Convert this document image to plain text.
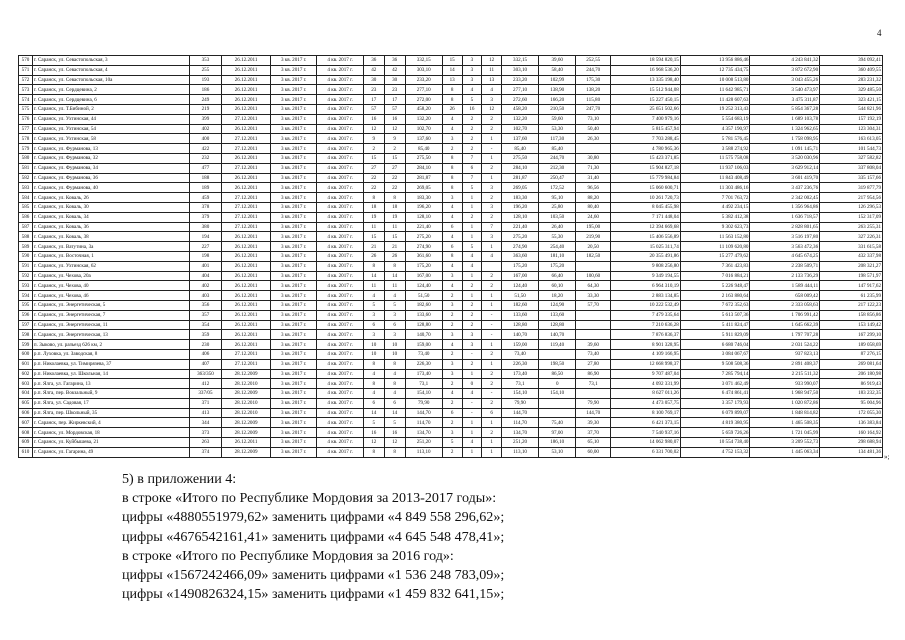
4
570	г. Саранск, ул. Севастопольская, 3	353	26.12.2011	3 кв. 2017 г.	4 кв. 2017 г.	36	36	332,15	15	3	12	332,15	39,60	252,55	18 594 820,15	13 956 886,46	4 243 841,32	394 092,41
571	г. Саранск, ул. Севастопольская, 4	255	26.12.2011	3 кв. 2017 г.	4 кв. 2017 г.	42	42	303,10	14	3	11	303,10	58,40	244,70	16 968 536,20	12 735 434,75	3 872 672,90	360 409,55
572	г. Саранск, ул. Севастопольская, 10а	193	26.12.2011	3 кв. 2017 г.	4 кв. 2017 г.	30	30	233,20	13	3	13	233,20	102,99	175,30	13 335 198,40	10 008 513,80	3 043 455,26	283 231,32
573	г. Саранск, ул. Сердцевина, 2	186	26.12.2011	3 кв. 2017 г.	4 кв. 2017 г.	23	23	277,10	8	4	4	277,10	138,90	138,20	15 512 944,08	11 642 985,71	3 540 473,97	329 485,50
574	г. Саранск, ул. Сердцевина, 6	249	26.12.2011	3 кв. 2017 г.	4 кв. 2017 г.	17	17	272,00	8	5	3	272,60	166,20	115,80	15 227 450,15	11 428 607,63	3 475 311,87	323 421,15
575	г. Саранск, ул. Т.Бибиной, 2	219	26.12.2011	3 кв. 2017 г.	4 кв. 2017 г.	57	57	458,20	26	16	12	458,20	210,50	247,70	25 651 502,66	19 252 313,43	5 854 367,28	544 821,96
576	г. Саранск, ул. Ухтинская, 44	399	27.12.2011	3 кв. 2017 г.	4 кв. 2017 г.	16	16	132,20	4	2	2	132,20	59,60	73,10	7 400 979,16	5 554 683,19	1 689 103,78	157 192,19
577	г. Саранск, ул. Ухтинская, 54	402	26.12.2011	3 кв. 2017 г.	4 кв. 2017 г.	12	12	102,70	4	2	2	102,70	53,30	50,40	5 815 457,94	4 357 190,97	1 324 962,65	123 304,31
578	г. Саранск, ул. Ухтинская, 58	400	27.12.2011	3 кв. 2017 г.	4 кв. 2017 г.	9	9	137,60	3	2	1	137,60	117,30	26,30	7 703 288,45	5 781 576,45	1 758 098,95	163 613,05
579	г. Саранск, ул. Фурманова, 13	422	27.12.2011	3 кв. 2017 г.	4 кв. 2017 г.	2	2	85,40	2	2	-	85,40	85,40		4 780 965,36	3 588 274,92	1 091 145,71	101 544,73
580	г. Саранск, ул. Фурманова, 32	232	26.12.2011	3 кв. 2017 г.	4 кв. 2017 г.	15	15	275,50	8	7	1	275,50	244,70	30,80	15 423 371,85	11 575 758,08	3 520 030,96	327 582,82
581	г. Саранск, ул. Фурманова, 34	477	27.12.2011	3 кв. 2017 г.	4 кв. 2017 г.	27	27	284,10	8	6	2	284,10	212,30	71,30	15 904 827,18	11 937 106,03	3 629 912,14	337 808,04
582	г. Саранск, ул. Фурманова, 36	188	26.12.2011	3 кв. 2017 г.	4 кв. 2017 г.	22	22	281,87	8	7	1	281,87	250,47	31,40	15 779 984,84	11 843 408,49	3 601 419,70	335 157,66
583	г. Саранск, ул. Фурманова, 40	189	26.12.2011	3 кв. 2017 г.	4 кв. 2017 г.	22	22	269,05	8	5	3	269,05	172,52	96,56	15 060 600,71	11 303 486,16	3 437 236,76	319 877,79
584	г. Саранск, ул. Коваль, 26	459	27.12.2011	3 кв. 2017 г.	4 кв. 2017 г.	8	8	183,30	3	1	2	183,30	95,10	88,20	10 261 720,73	7 701 763,72	2 342 002,45	217 954,56
585	г. Саранск, ул. Коваль, 30	378	27.12.2011	3 кв. 2017 г.	4 кв. 2017 г.	18	18	196,20	4	1	3	196,20	25,80	80,40	8 045 455,98	4 492 234,15	1 356 964,86	126 296,53
586	г. Саранск, ул. Коваль, 34	379	27.12.2011	3 кв. 2017 г.	4 кв. 2017 г.	19	19	128,10	4	2	2	128,10	103,50	24,60	7 171 448,04	5 382 412,38	1 636 718,57	152 317,09
587	г. Саранск, ул. Коваль, 36	380	27.12.2011	3 кв. 2017 г.	4 кв. 2017 г.	11	11	221,40	6	1	7	221,40	26,40	195,00	12 394 669,68	9 302 623,73	2 828 801,65	263 255,31
588	г. Саранск, ул. Коваль, 38	194	26.12.2011	3 кв. 2017 г.	4 кв. 2017 г.	15	15	275,20	4	1	3	275,20	55,30	219,90	15 406 556,89	11 563 152,80	3 516 197,80	327 226,31
589	г. Саранск, ул. Ватутина, 3а	227	26.12.2011	3 кв. 2017 г.	4 кв. 2017 г.	21	21	274,90	6	5	1	274,90	254,40	20,50	15 025 311,74	11 109 620,80	3 563 472,36	331 615,58
590	г. Саранск, ул. Восточная, 1	198	26.12.2011	3 кв. 2017 г.	4 кв. 2017 г.	26	26	361,60	8	4	4	363,60	181,10	182,50	20 355 491,86	15 277 479,62	4 645 674,25	432 337,98
591	г. Саранск, ул. Ухтинская, 62	401	26.12.2011	3 кв. 2017 г.	4 кв. 2017 г.	8	8	175,20	4	4		175,20	175,20		9 808 256,80	7 361 423,83	2 238 509,71	208 321,27
592	г. Саранск, ул. Чехова, 20а	404	26.12.2011	3 кв. 2017 г.	4 кв. 2017 г.	14	14	167,00	3	1	2	167,00	66,40	100,60	9 349 194,55	7 016 884,21	2 133 736,29	198 571,97
593	г. Саранск, ул. Чехова, 40	402	26.12.2011	3 кв. 2017 г.	4 кв. 2017 г.	11	11	124,40	4	2	2	124,40	60,10	64,30	6 964 310,19	5 226 948,47	1 589 444,11	147 917,62
594	г. Саранск, ул. Чехова, 46	403	26.12.2011	3 кв. 2017 г.	4 кв. 2017 г.	4	4	51,50	2	1	1	51,50	18,20	33,30	2 883 134,85	2 163 880,64	658 009,42	61 235,99
595	г. Саранск, ул. Энергетическая, 5	356	26.12.2011	3 кв. 2017 г.	4 кв. 2017 г.	5	5	182,60	3	2	1	182,60	124,90	57,70	10 222 532,49	7 672 352,63	2 333 058,63	217 122,23
596	г. Саранск, ул. Энергетическая, 7	357	26.12.2011	3 кв. 2017 г.	4 кв. 2017 г.	3	3	133,60	2	2	-	133,60	133,60		7 479 335,64	5 613 507,36	1 706 991,42	158 856,86
597	г. Саранск, ул. Энергетическая, 11	354	26.12.2011	3 кв. 2017 г.	4 кв. 2017 г.	6	6	128,80	2	2	-	128,80	128,80		7 210 636,28	5 411 824,47	1 645 662,39	153 149,42
598	г. Саранск, ул. Энергетическая, 13	359	26.12.2011	3 кв. 2017 г.	4 кв. 2017 г.	3	3	140,70	3	3	-	140,70	140,70		7 876 836,37	5 911 829,09	1 797 707,28	167 299,10
599	п. Зыково, ул. разъезд 626 км, 2	230	26.12.2011	3 кв. 2017 г.	4 кв. 2017 г.	10	10	159,00	4	3	1	159,00	119,40	39,60	8 901 328,95	6 680 746,04	2 031 524,22	189 058,69
600	р.п. Луховка, ул. Заводская, 8	406	27.12.2011	3 кв. 2017 г.	4 кв. 2017 г.	10	10	73,40	2	-	2	73,40		73,40	4 109 166,95	3 084 067,67	937 823,13	87 276,15
601	р.п. Николаевка, ул. Тимирязева, 37	407	27.12.2011	3 кв. 2017 г.	4 кв. 2017 г.	8	8	226,30	3	2	1	226,30	198,50	27,80	12 668 998,37	9 508 508,36	2 891 408,37	269 081,64
602	р.п. Николаевка, ул. Школьная, 14	363/350	28.12.2009	3 кв. 2017 г.	4 кв. 2017 г.	4	4	173,40	3	1	2	173,40	86,50	86,90	9 707 487,04	7 285 794,14	2 215 511,32	206 180,98
603	р.п. Ялга, ул. Гагарина, 13	412	28.12.2010	3 кв. 2017 г.	4 кв. 2017 г.	8	8	73,1	2	0	2	73,1	0	73,1	4 092 331,99	3 071 462,49	933 990,07	86 919,43
604	р.п. Ялга, пер. Вокзальный, 9	337/05	28.12.2009	3 кв. 2017 г.	4 кв. 2017 г.	4	4	154,10	4	4	-	154,10	154,10		8 627 011,26	6 474 861,41	1 968 947,50	183 232,35
605	р.п. Ялга, ул. Садовая, 17	371	28.12.2010	3 кв. 2017 г.	4 кв. 2017 г.	6	6	79,90	2	-	2	79,90		79,90	4 473 057,75	3 357 179,93	1 020 872,86	95 004,96
606	р.п. Ялга, пер. Школьный, 35	413	28.12.2010	3 кв. 2017 г.	4 кв. 2017 г.	14	14	144,70	6	-	6	144,70		144,70	8 100 769,17	6 079 899,07	1 848 814,82	172 055,30
607	г. Саранск, пер. Жиркевский, 4	344	28.12.2009	3 кв. 2017 г.	4 кв. 2017 г.	5	5	114,70	2	1	1	114,70	75,40	39,30	6 421 373,15	4 819 380,95	1 465 508,35	136 383,84
608	г. Саранск, ул. Мордовская, 18	373	28.12.2009	3 кв. 2017 г.	4 кв. 2017 г.	16	16	134,70	3	1	2	134,70	97,00	37,70	7 540 937,16	5 659 726,26	1 721 045,99	160 164,92
609	г. Саранск, ул. Куйбышева, 21	263	26.12.2011	3 кв. 2017 г.	4 кв. 2017 г.	12	12	251,20	5	4	1	251,20	186,10	65,10	14 062 980,07	10 554 738,40	3 209 552,73	298 688,94
610	г. Саранск, ул. Гагарина, 49	374	28.12.2009	3 кв. 2017 г.	4 кв. 2017 г.	8	8	113,10	2	1	1	113,10	53,10	60,00	6 331 700,02	4 752 153,32	1 445 063,34	134 481,36
»;
5) в приложении 4:
в строке «Итого по Республике Мордовия за 2013-2017 годы»:
цифры «4880551979,62» заменить цифрами «4 849 558 296,62»;
цифры «4676542161,41» заменить цифрами «4 645 548 478,41»;
в строке «Итого по Республике Мордовия за 2016 год»:
цифры «1567242466,09» заменить цифрами «1 536 248 783,09»;
цифры «1490826324,15» заменить цифрами «1 459 832 641,15»;
